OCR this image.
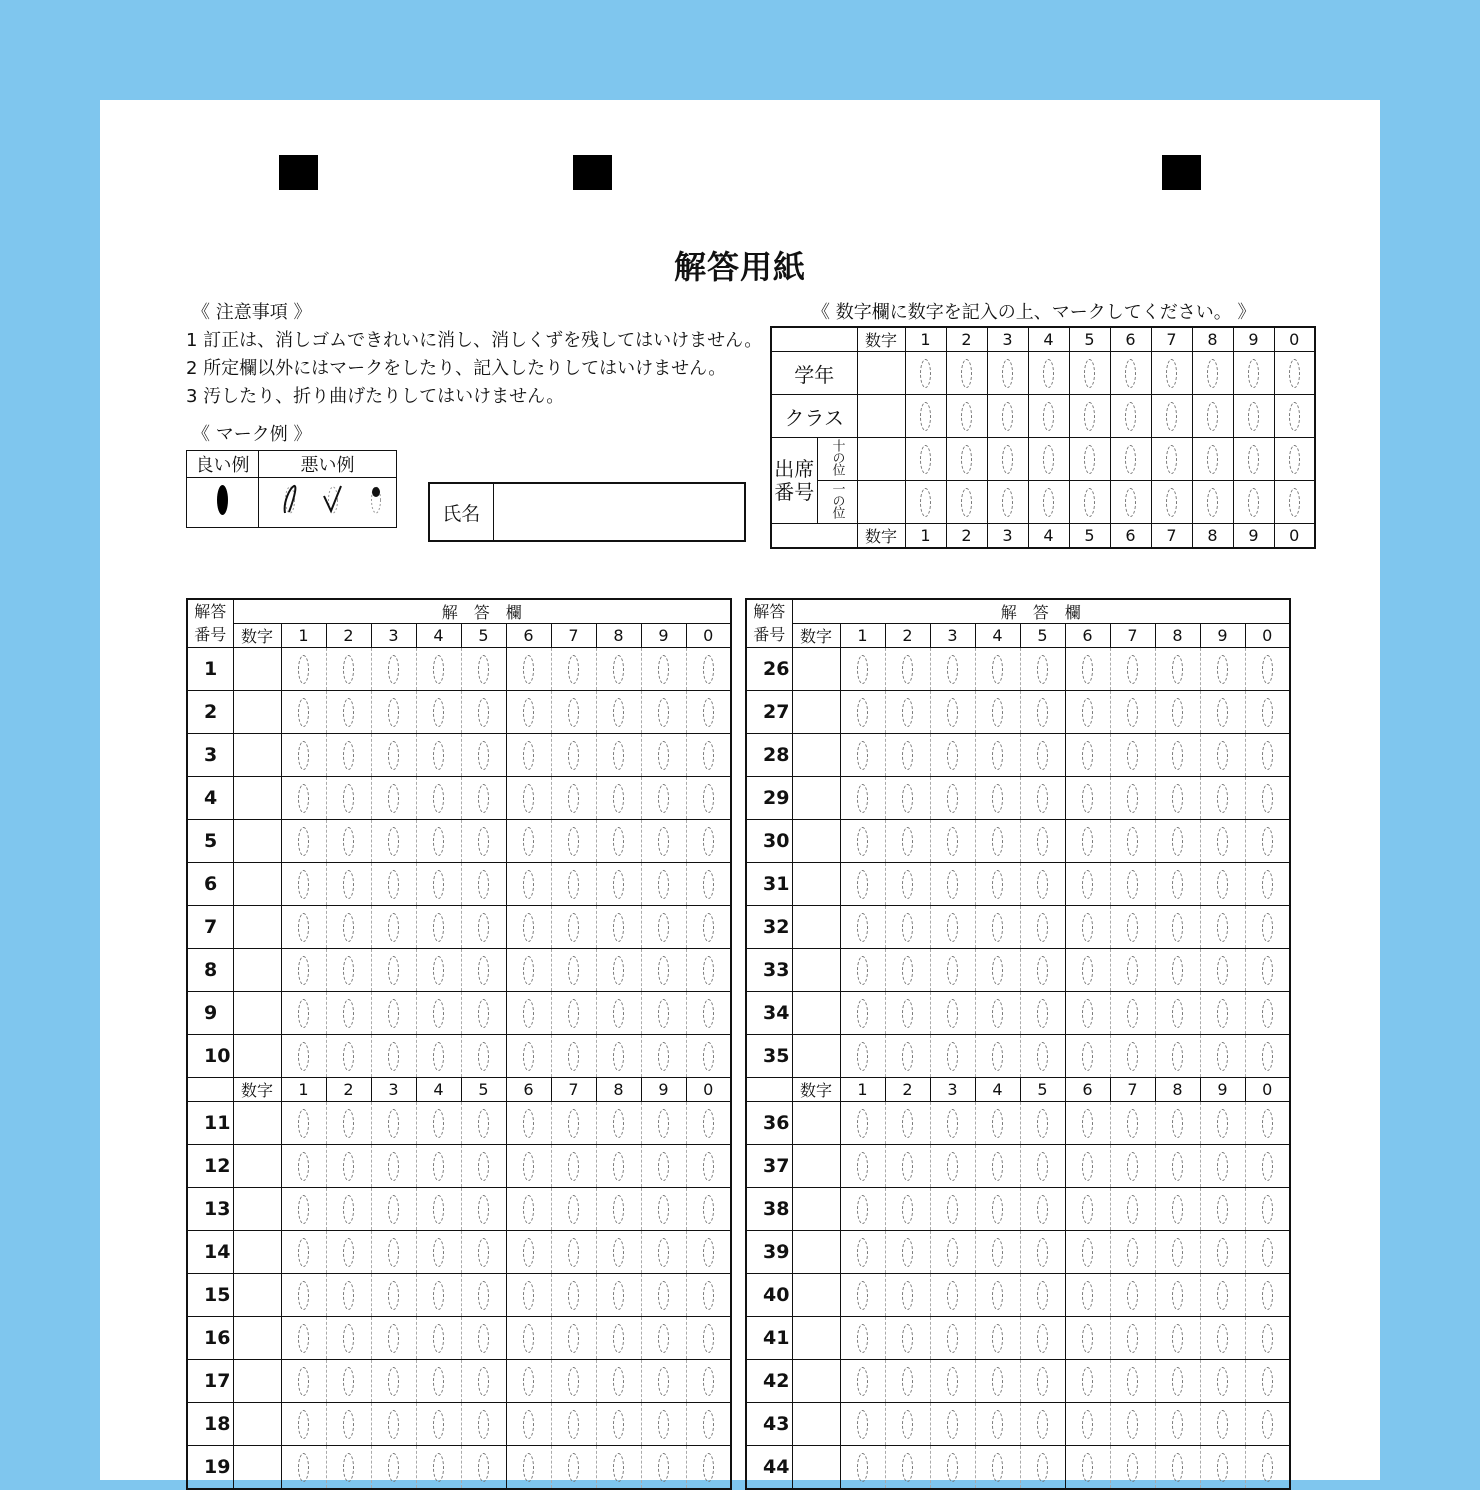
解答用紙
《 注意事項 》
1 訂正は、消しゴムできれいに消し、消しくずを残してはいけません。
2 所定欄以外にはマークをしたり、記入したりしてはいけません。
3 汚したり、折り曲げたりしてはいけません。
《 マーク例 》
良い例	悪い例

氏名	
《 数字欄に数字を記入の上、マークしてください。 》
		数字	1	2	3	4	5	6	7	8	9	0
学年												
クラス												

出席
番号	十の位											
	一の位											
		数字	1	2	3	4	5	6	7	8	9	0
解答	解　答　欄										
番号	数字	1	2	3	4	5	6	7	8	9	0
1											
2											
3											
4											
5											
6											
7											
8											
9											
10											
	数字	1	2	3	4	5	6	7	8	9	0
11											
12											
13											
14											
15											
16											
17											
18											
19											
解答	解　答　欄										
番号	数字	1	2	3	4	5	6	7	8	9	0
26											
27											
28											
29											
30											
31											
32											
33											
34											
35											
	数字	1	2	3	4	5	6	7	8	9	0
36											
37											
38											
39											
40											
41											
42											
43											
44											
